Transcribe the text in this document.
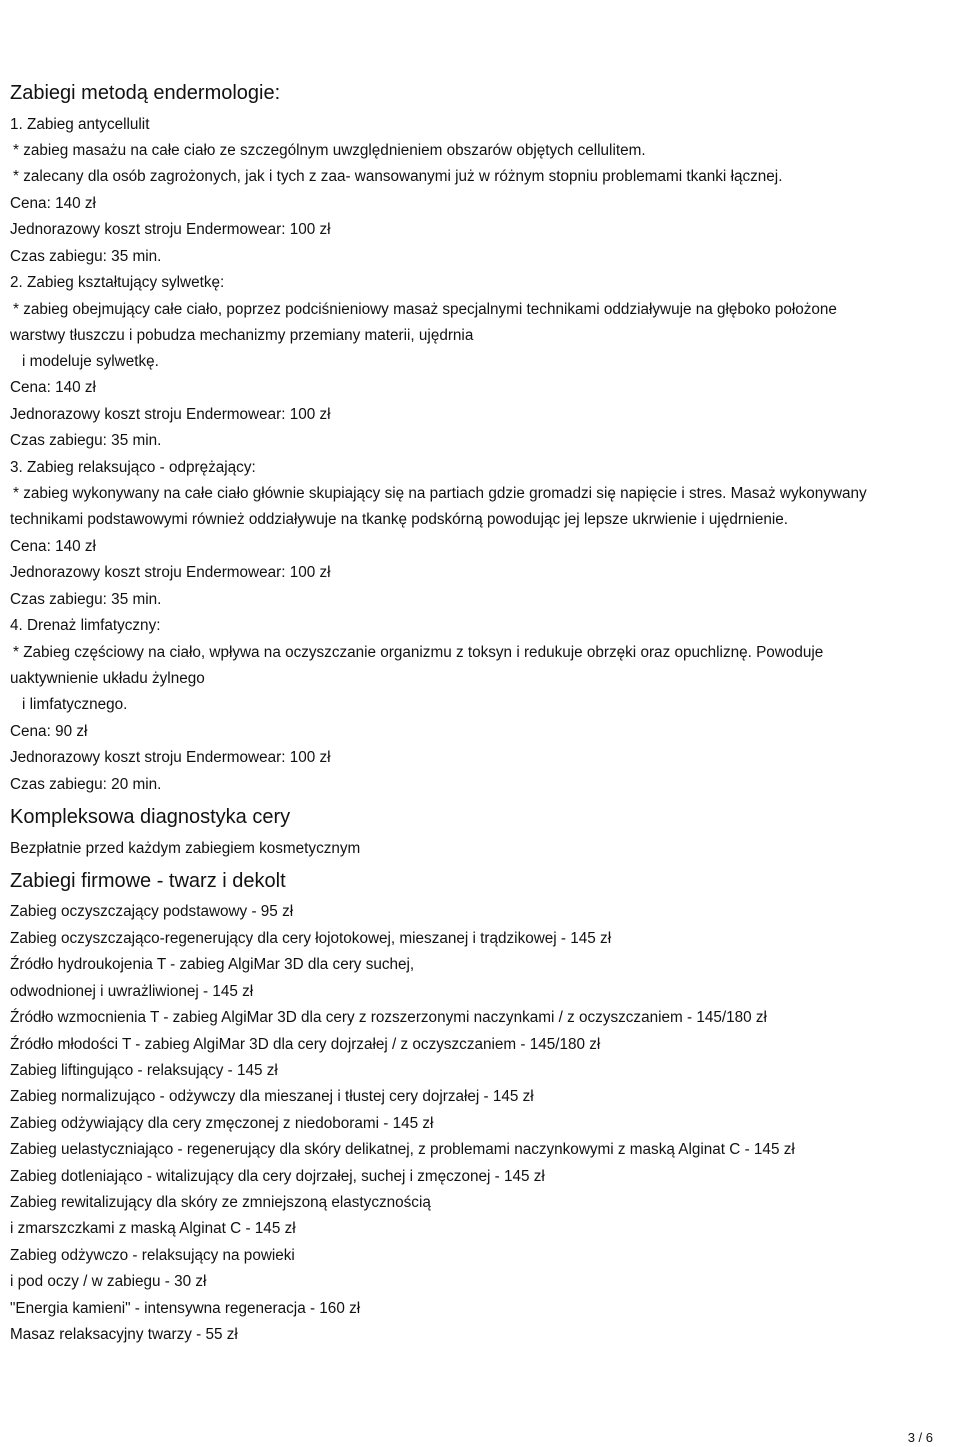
Zabiegi metodą endermologie:
1. Zabieg antycellulit
* zabieg masażu na całe ciało ze szczególnym uwzględnieniem obszarów objętych cellulitem.
* zalecany dla osób zagrożonych, jak i tych z zaa- wansowanymi już w różnym stopniu problemami tkanki łącznej.
Cena: 140 zł
Jednorazowy koszt stroju Endermowear: 100 zł
Czas zabiegu: 35 min.
2. Zabieg kształtujący sylwetkę:
* zabieg obejmujący całe ciało, poprzez podciśnieniowy masaż specjalnymi technikami oddziaływuje na głęboko położone
warstwy tłuszczu i pobudza mechanizmy przemiany materii, ujędrnia
i modeluje sylwetkę.
Cena: 140 zł
Jednorazowy koszt stroju Endermowear: 100 zł
Czas zabiegu: 35 min.
3. Zabieg relaksująco - odprężający:
* zabieg wykonywany na całe ciało głównie skupiający się na partiach gdzie gromadzi się napięcie i stres. Masaż wykonywany
technikami podstawowymi również oddziaływuje na tkankę podskórną powodując jej lepsze ukrwienie i ujędrnienie.
Cena: 140 zł
Jednorazowy koszt stroju Endermowear: 100 zł
Czas zabiegu: 35 min.
4. Drenaż limfatyczny:
* Zabieg częściowy na ciało, wpływa na oczyszczanie organizmu z toksyn i redukuje obrzęki oraz opuchliznę. Powoduje
uaktywnienie układu żylnego
i limfatycznego.
Cena: 90 zł
Jednorazowy koszt stroju Endermowear: 100 zł
Czas zabiegu: 20 min.
Kompleksowa diagnostyka cery
Bezpłatnie przed każdym zabiegiem kosmetycznym
Zabiegi firmowe - twarz i dekolt
Zabieg oczyszczający podstawowy - 95 zł
Zabieg oczyszczająco-regenerujący dla cery łojotokowej, mieszanej i trądzikowej - 145 zł
Źródło hydroukojenia T - zabieg AlgiMar 3D dla cery suchej,
odwodnionej i uwrażliwionej - 145 zł
Źródło wzmocnienia T - zabieg AlgiMar 3D dla cery z rozszerzonymi naczynkami / z oczyszczaniem - 145/180 zł
Źródło młodości T - zabieg AlgiMar 3D dla cery dojrzałej / z oczyszczaniem - 145/180 zł
Zabieg liftingująco - relaksujący - 145 zł
Zabieg normalizująco - odżywczy dla mieszanej i tłustej cery dojrzałej - 145 zł
Zabieg odżywiający dla cery zmęczonej z niedoborami - 145 zł
Zabieg uelastyczniająco - regenerujący dla skóry delikatnej, z problemami naczynkowymi z maską Alginat C - 145 zł
Zabieg dotleniająco - witalizujący dla cery dojrzałej, suchej i zmęczonej - 145 zł
Zabieg rewitalizujący dla skóry ze zmniejszoną elastycznością
i zmarszczkami z maską Alginat C - 145 zł
Zabieg odżywczo - relaksujący na powieki
i pod oczy / w zabiegu - 30 zł
"Energia kamieni" - intensywna regeneracja - 160 zł
Masaz relaksacyjny twarzy - 55 zł
3 / 6
